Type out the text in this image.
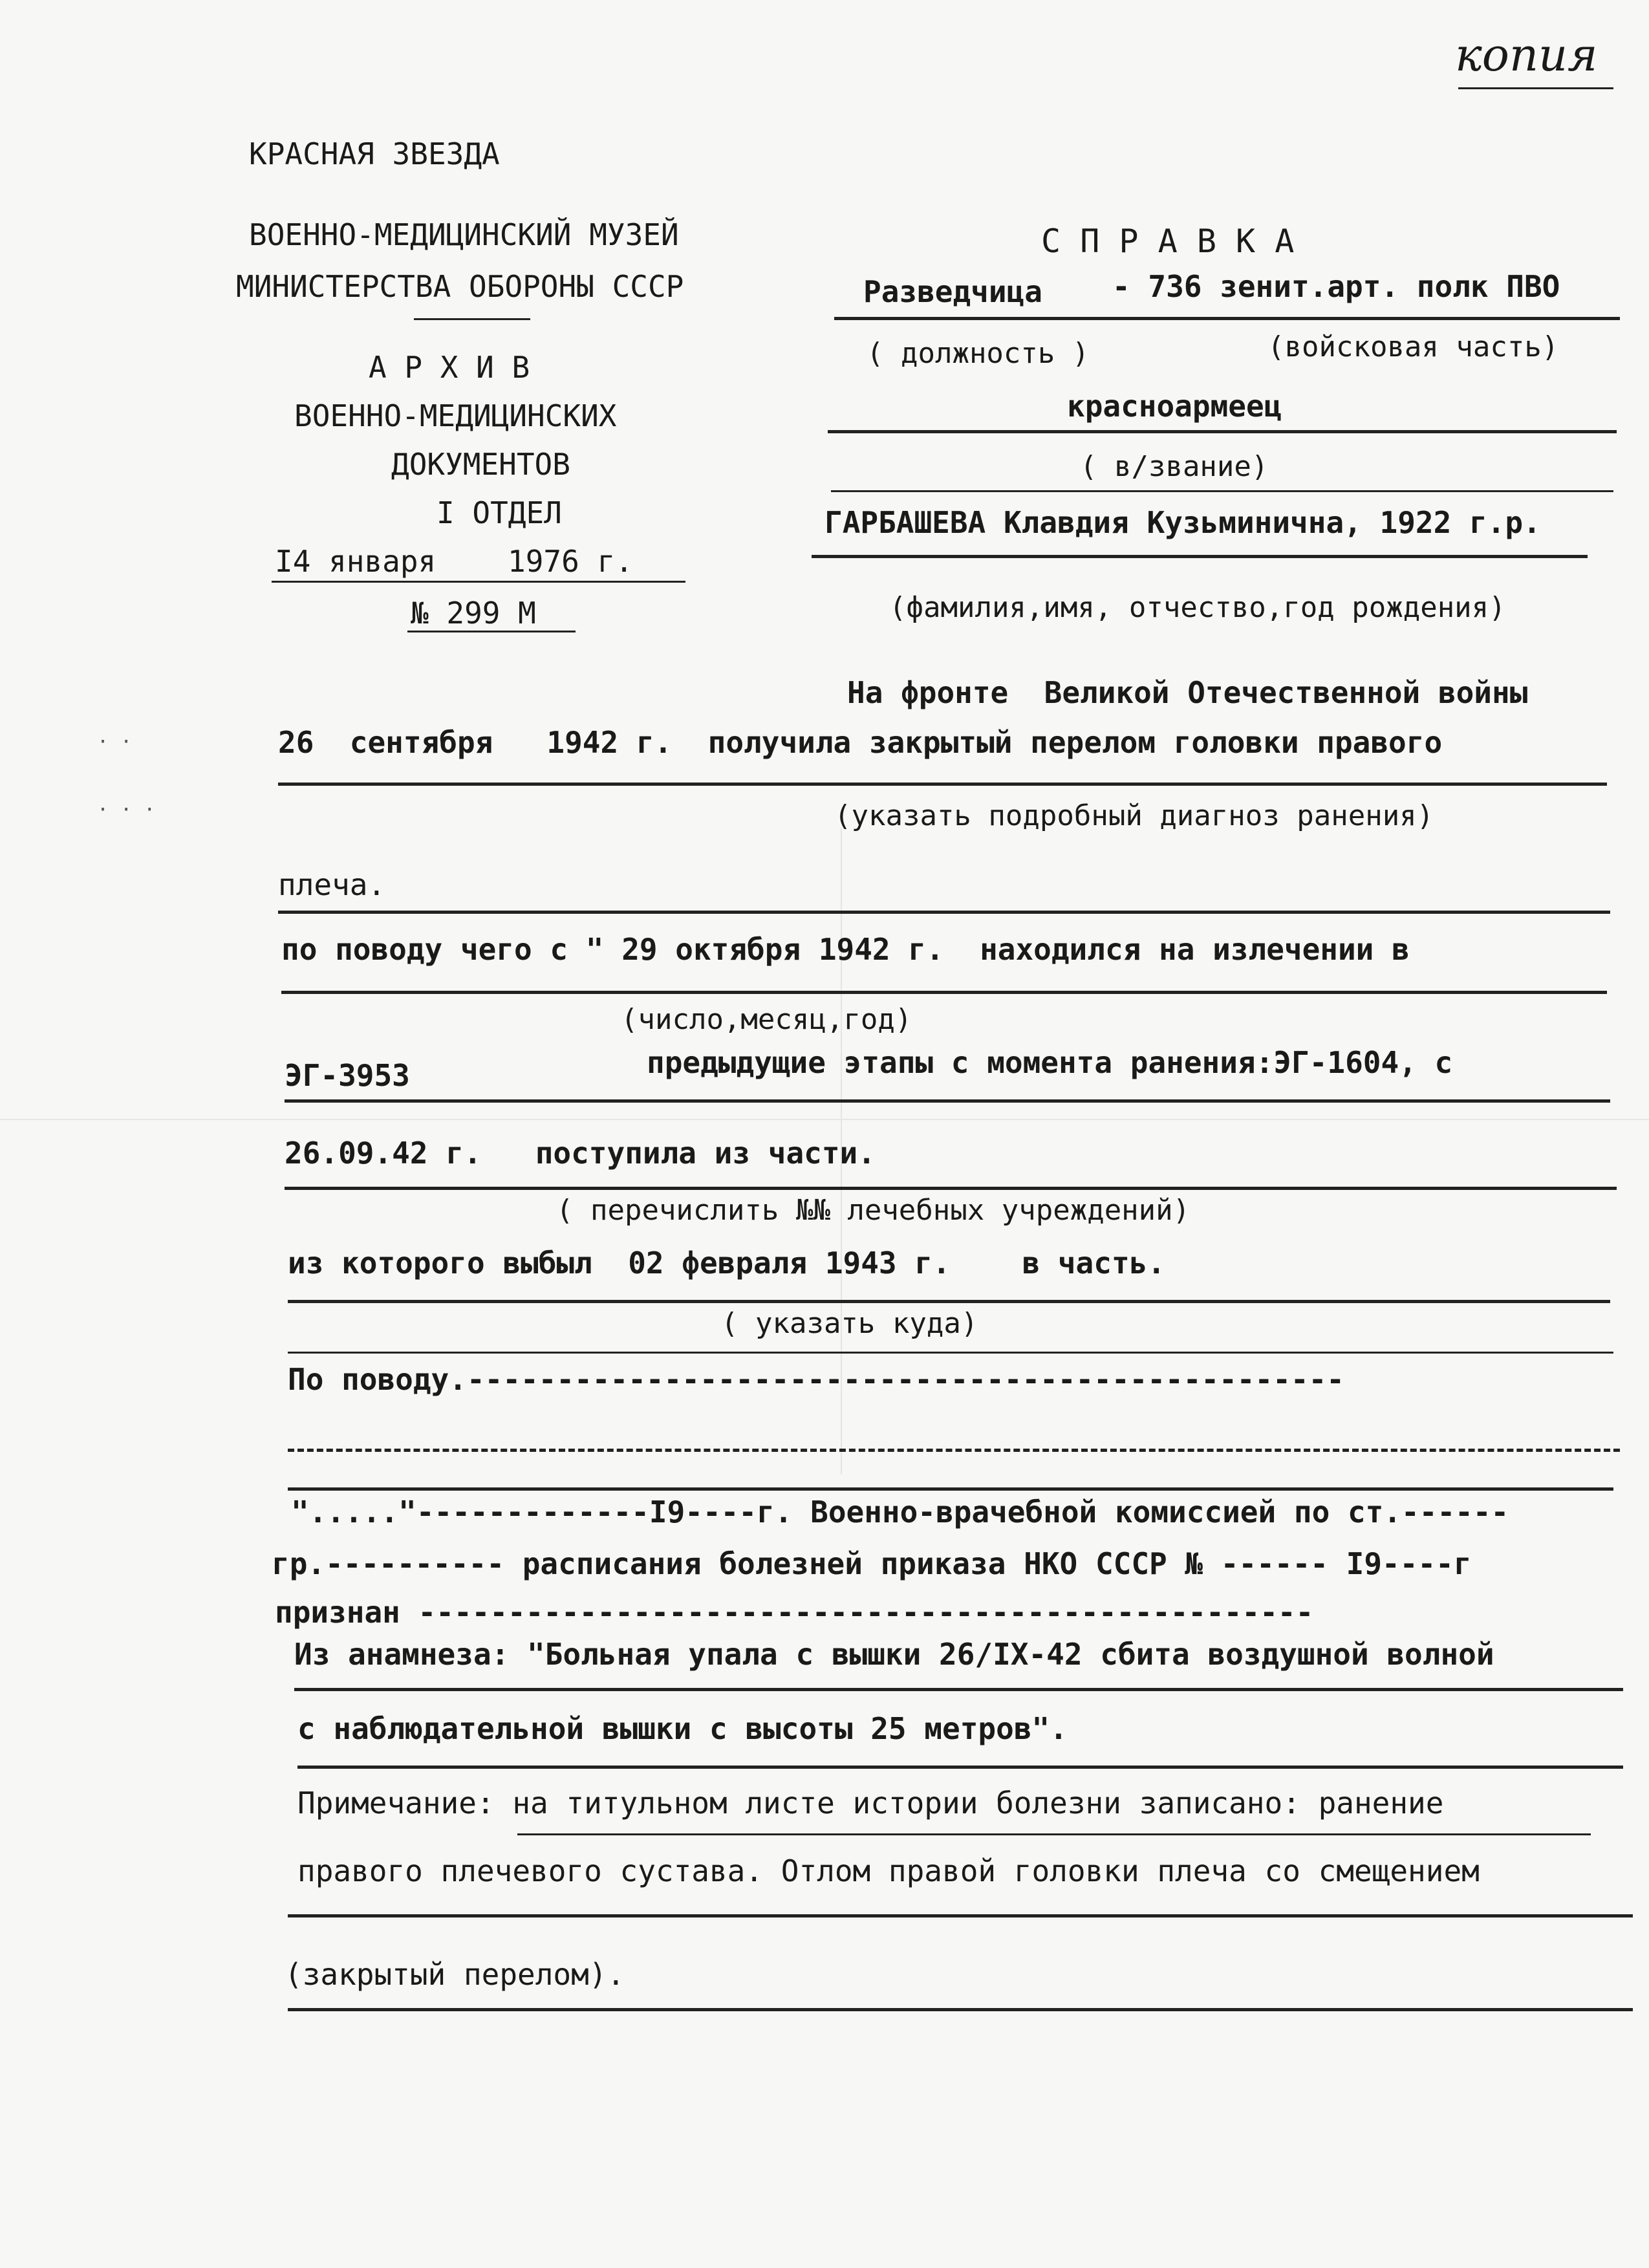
· ·

· · ·
копия
КРАСНАЯ ЗВЕЗДА
ВОЕННО-МЕДИЦИНСКИЙ МУЗЕЙ
МИНИСТЕРСТВА ОБОРОНЫ СССР
А Р Х И В
ВОЕННО-МЕДИЦИНСКИХ
ДОКУМЕНТОВ
I ОТДЕЛ
I4 января    1976 г.
№ 299 М
С П Р А В К А
Разведчица - 736 зенит.арт. полк ПВО
( должность )	(войсковая часть)
красноармеец
( в/звание)
ГАРБАШЕВА Клавдия Кузьминична, 1922 г.р.
(фамилия,имя, отчество,год рождения)
На фронте  Великой Отечественной войны
26  сентября   1942 г.  получила закрытый перелом головки правого
(указать подробный диагноз ранения)
плеча.
по поводу чего с " 29 октября 1942 г.  находился на излечении в
(число,месяц,год)
ЭГ-3953	предыдущие этапы с момента ранения:ЭГ-1604, с
26.09.42 г.   поступила из части.
( перечислить №№ лечебных учреждений)
из которого выбыл  02 февраля 1943 г.    в часть.
( указать куда)
По поводу.-------------------------------------------------
"....."-------------I9----г. Военно-врачебной комиссией по ст.------
гр.---------- расписания болезней приказа НКО СССР № ------ I9----г
признан --------------------------------------------------
Из анамнеза: "Больная упала с вышки 26/IX-42 сбита воздушной волной
с наблюдательной вышки с высоты 25 метров".
Примечание: на титульном листе истории болезни записано: ранение
правого плечевого сустава. Отлом правой головки плеча со смещением
(закрытый перелом).
